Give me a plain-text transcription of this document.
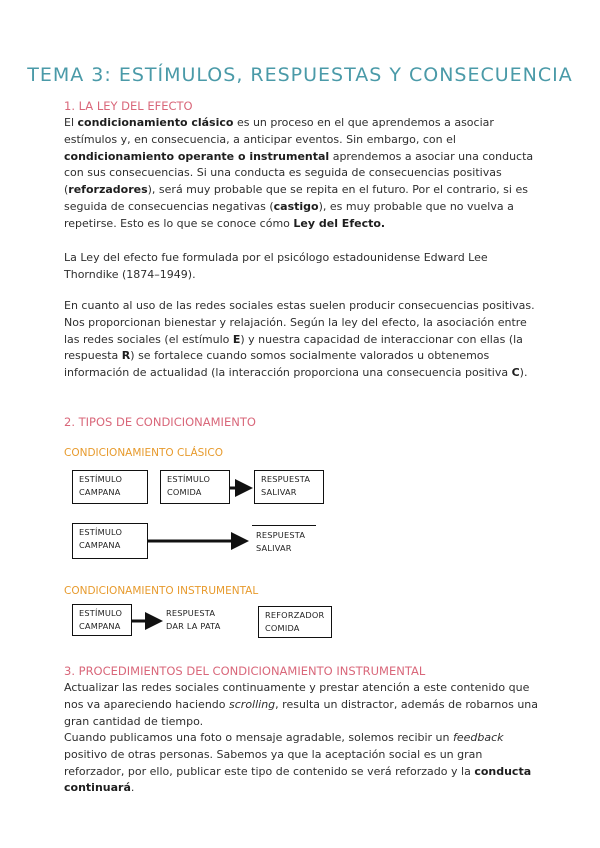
TEMA 3: ESTÍMULOS, RESPUESTAS Y CONSECUENCIA
1. LA LEY DEL EFECTO

El condicionamiento clásico es un proceso en el que aprendemos a asociar estímulos y, en consecuencia, a anticipar eventos. Sin embargo, con el condicionamiento operante o instrumental aprendemos a asociar una conducta con sus consecuencias. Si una conducta es seguida de consecuencias positivas (reforzadores), será muy probable que se repita en el futuro. Por el contrario, si es seguida de consecuencias negativas (castigo), es muy probable que no vuelva a repetirse. Esto es lo que se conoce cómo Ley del Efecto.

La Ley del efecto fue formulada por el psicólogo estadounidense Edward Lee Thorndike (1874–1949).

En cuanto al uso de las redes sociales estas suelen producir consecuencias positivas. Nos proporcionan bienestar y relajación. Según la ley del efecto, la asociación entre las redes sociales (el estímulo E) y nuestra capacidad de interaccionar con ellas (la respuesta R) se fortalece cuando somos socialmente valorados u obtenemos información de actualidad (la interacción proporciona una consecuencia positiva C).

2. TIPOS DE CONDICIONAMIENTO
CONDICIONAMIENTO CLÁSICO
ESTÍMULO
CAMPANA
ESTÍMULO
COMIDA
RESPUESTA
SALIVAR
ESTÍMULO
CAMPANA
RESPUESTA
SALIVAR
CONDICIONAMIENTO INSTRUMENTAL
ESTÍMULO
CAMPANA
RESPUESTA
DAR LA PATA
REFORZADOR
COMIDA
3. PROCEDIMIENTOS DEL CONDICIONAMIENTO INSTRUMENTAL

Actualizar las redes sociales continuamente y prestar atención a este contenido que nos va apareciendo haciendo scrolling, resulta un distractor, además de robarnos una gran cantidad de tiempo.

Cuando publicamos una foto o mensaje agradable, solemos recibir un feedback positivo de otras personas. Sabemos ya que la aceptación social es un gran reforzador, por ello, publicar este tipo de contenido se verá reforzado y la conducta continuará.
